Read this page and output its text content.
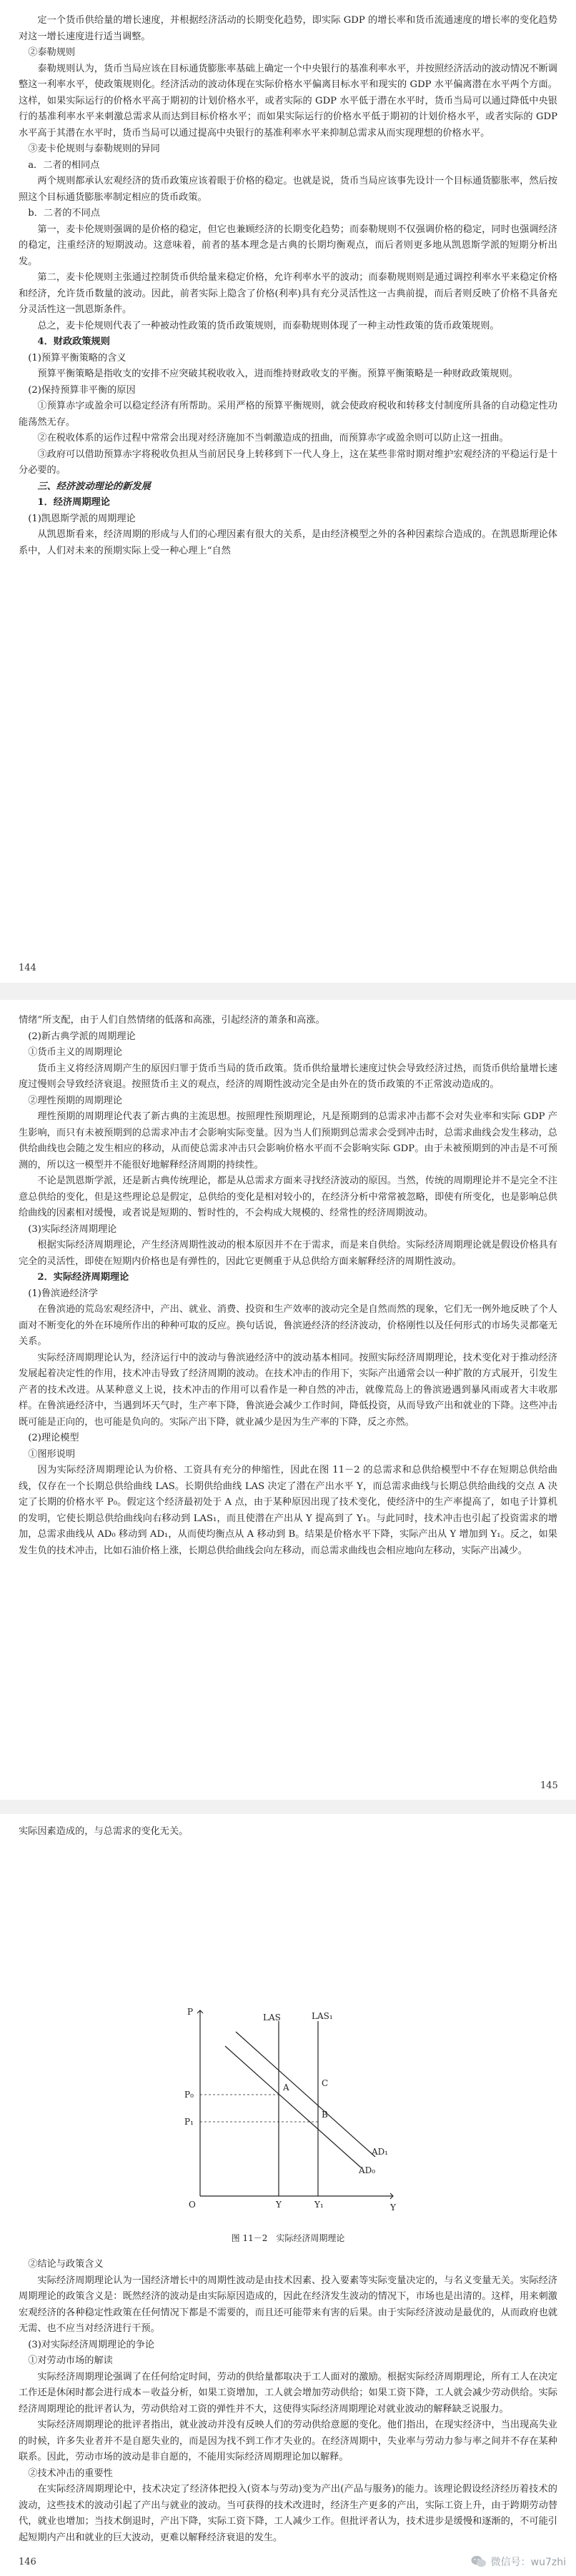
定一个货币供给量的增长速度，并根据经济活动的长期变化趋势，即实际 GDP 的增长率和货币流通速度的增长率的变化趋势对这一增长速度进行适当调整。

②泰勒规则

泰勒规则认为，货币当局应该在目标通货膨胀率基础上确定一个中央银行的基准利率水平，并按照经济活动的波动情况不断调整这一利率水平，使政策规则化。经济活动的波动体现在实际价格水平偏离目标水平和现实的 GDP 水平偏离潜在水平两个方面。这样，如果实际运行的价格水平高于期初的计划价格水平，或者实际的 GDP 水平低于潜在水平时，货币当局可以通过降低中央银行的基准利率水平来刺激总需求从而达到目标价格水平；而如果实际运行的价格水平低于期初的计划价格水平，或者实际的 GDP 水平高于其潜在水平时，货币当局可以通过提高中央银行的基准利率水平来抑制总需求从而实现理想的价格水平。

③麦卡伦规则与泰勒规则的异同

a．二者的相同点

两个规则都承认宏观经济的货币政策应该着眼于价格的稳定。也就是说，货币当局应该事先设计一个目标通货膨胀率，然后按照这个目标通货膨胀率制定相应的货币政策。

b．二者的不同点

第一，麦卡伦规则强调的是价格的稳定，但它也兼顾经济的长期变化趋势；而泰勒规则不仅强调价格的稳定，同时也强调经济的稳定，注重经济的短期波动。这意味着，前者的基本理念是古典的长期均衡观点，而后者则更多地从凯恩斯学派的短期分析出发。

第二，麦卡伦规则主张通过控制货币供给量来稳定价格，允许利率水平的波动；而泰勒规则则是通过调控利率水平来稳定价格和经济，允许货币数量的波动。因此，前者实际上隐含了价格(利率)具有充分灵活性这一古典前提，而后者则反映了价格不具备充分灵活性这一凯恩斯条件。

总之，麦卡伦规则代表了一种被动性政策的货币政策规则，而泰勒规则体现了一种主动性政策的货币政策规则。

4．财政政策规则

(1)预算平衡策略的含义

预算平衡策略是指收支的安排不应突破其税收收入，进而维持财政收支的平衡。预算平衡策略是一种财政政策规则。

(2)保持预算非平衡的原因

①预算赤字或盈余可以稳定经济有所帮助。采用严格的预算平衡规则，就会使政府税收和转移支付制度所具备的自动稳定性功能荡然无存。

②在税收体系的运作过程中常常会出现对经济施加不当刺激造成的扭曲，而预算赤字或盈余则可以防止这一扭曲。

③政府可以借助预算赤字将税收负担从当前居民身上转移到下一代人身上，这在某些非常时期对维护宏观经济的平稳运行是十分必要的。

三、经济波动理论的新发展

1．经济周期理论

(1)凯恩斯学派的周期理论

从凯恩斯看来，经济周期的形成与人们的心理因素有很大的关系，是由经济模型之外的各种因素综合造成的。在凯恩斯理论体系中，人们对未来的预期实际上受一种心理上“自然

144

情绪”所支配，由于人们自然情绪的低落和高涨，引起经济的萧条和高涨。

(2)新古典学派的周期理论

①货币主义的周期理论

货币主义将经济周期产生的原因归罪于货币当局的货币政策。货币供给量增长速度过快会导致经济过热，而货币供给量增长速度过慢则会导致经济衰退。按照货币主义的观点，经济的周期性波动完全是由外在的货币政策的不正常波动造成的。

②理性预期的周期理论

理性预期的周期理论代表了新古典的主流思想。按照理性预期理论，凡是预期到的总需求冲击都不会对失业率和实际 GDP 产生影响，而只有未被预期到的总需求冲击才会影响实际变量。因为当人们预期到总需求会受到冲击时，总需求曲线会发生移动，总供给曲线也会随之发生相应的移动，从而使总需求冲击只会影响价格水平而不会影响实际 GDP。由于未被预期到的冲击是不可预测的，所以这一模型并不能很好地解释经济周期的持续性。

不论是凯恩斯学派，还是新古典传统理论，都是从总需求方面来寻找经济波动的原因。当然，传统的周期理论并不是完全不注意总供给的变化，但是这些理论总是假定，总供给的变化是相对较小的，在经济分析中常常被忽略，即使有所变化，也是影响总供给曲线的因素相对缓慢，或者说是短期的、暂时性的，不会构成大规模的、经常性的经济周期波动。

(3)实际经济周期理论

根据实际经济周期理论，产生经济周期性波动的根本原因并不在于需求，而是来自供给。实际经济周期理论就是假设价格具有完全的灵活性，即使在短期内价格也是有弹性的，因此它更侧重于从总供给方面来解释经济的周期性波动。

2．实际经济周期理论

(1)鲁滨逊经济学

在鲁滨逊的荒岛宏观经济中，产出、就业、消费、投资和生产效率的波动完全是自然而然的现象，它们无一例外地反映了个人面对不断变化的外在环境所作出的种种可取的反应。换句话说，鲁滨逊经济的经济波动，价格刚性以及任何形式的市场失灵都毫无关系。

实际经济周期理论认为，经济运行中的波动与鲁滨逊经济中的波动基本相同。按照实际经济周期理论，技术变化对于推动经济发展起着决定性的作用，技术冲击导致了经济周期的波动。在技术冲击的作用下，实际产出通常会以一种扩散的方式展开，引发生产者的技术改进。从某种意义上说，技术冲击的作用可以看作是一种自然的冲击，就像荒岛上的鲁滨逊遇到暴风雨或者大丰收那样。在鲁滨逊经济中，当遇到坏天气时，生产率下降，鲁滨逊会减少工作时间，降低投资，从而导致产出和就业的下降。这些冲击既可能是正向的，也可能是负向的。实际产出下降，就业减少是因为生产率的下降，反之亦然。

(2)理论模型

①图形说明

因为实际经济周期理论认为价格、工资具有充分的伸缩性，因此在图 11－2 的总需求和总供给模型中不存在短期总供给曲线，仅存在一个长期总供给曲线 LAS。长期供给曲线 LAS 决定了潜在产出水平 Y，而总需求曲线与长期总供给曲线的交点 A 决定了长期的价格水平 P₀。假定这个经济最初处于 A 点，由于某种原因出现了技术变化，使经济中的生产率提高了，如电子计算机的发明，它使长期总供给曲线向右移动到 LAS₁，而且使潜在产出从 Y 提高到了 Y₁。与此同时，技术冲击也引起了投资需求的增加，总需求曲线从 AD₀ 移动到 AD₁，从而使均衡点从 A 移动到 B。结果是价格水平下降，实际产出从 Y 增加到 Y₁。反之，如果发生负的技术冲击，比如石油价格上涨，长期总供给曲线会向左移动，而总需求曲线也会相应地向左移动，实际产出减少。

145

实际因素造成的，与总需求的变化无关。

P
Y
O
LAS	LAS₁
AD₀
AD₁
A
B
C
P₀
P₁
Y	Y₁
图 11－2　实际经济周期理论

②结论与政策含义

实际经济周期理论认为一国经济增长中的周期性波动是由技术因素、投入要素等实际变量决定的，与名义变量无关。实际经济周期理论的政策含义是：既然经济的波动是由实际原因造成的，因此在经济发生波动的情况下，市场也是出清的。这样，用来刺激宏观经济的各种稳定性政策在任何情况下都是不需要的，而且还可能带来有害的后果。由于实际经济波动是最优的，从而政府也就无需、也不应当对经济进行干预。

(3)对实际经济周期理论的争论

①对劳动市场的解读

实际经济周期理论强调了在任何给定时间，劳动的供给量都取决于工人面对的激励。根据实际经济周期理论，所有工人在决定工作还是休闲时都会进行成本－收益分析，如果工资增加，工人就会增加劳动供给；如果工资下降，工人就会减少劳动供给。实际经济周期理论的批评者认为，劳动供给对工资的弹性并不大，这使得实际经济周期理论对就业波动的解释缺乏说服力。

实际经济周期理论的批评者指出，就业波动并没有反映人们的劳动供给意愿的变化。他们指出，在现实经济中，当出现高失业的时候，许多失业者并不是自愿失业的，而是因为找不到工作才失业的。在经济周期中，失业率与劳动力参与率之间并不存在某种联系。因此，劳动市场的波动是非自愿的，不能用实际经济周期理论加以解释。

②技术冲击的重要性

在实际经济周期理论中，技术决定了经济体把投入(资本与劳动)变为产出(产品与服务)的能力。该理论假设经济经历着技术的波动，这些技术的波动引起了产出与就业的波动。当可获得的技术改进时，经济生产更多的产出，实际工资上升，由于跨期劳动替代，就业也增加；当技术倒退时，产出下降，实际工资下降，工人减少工作。但批评者认为，技术进步是缓慢和逐渐的，不可能引起短期内产出和就业的巨大波动，更难以解释经济衰退的发生。

146	微信号：wu7zhi
